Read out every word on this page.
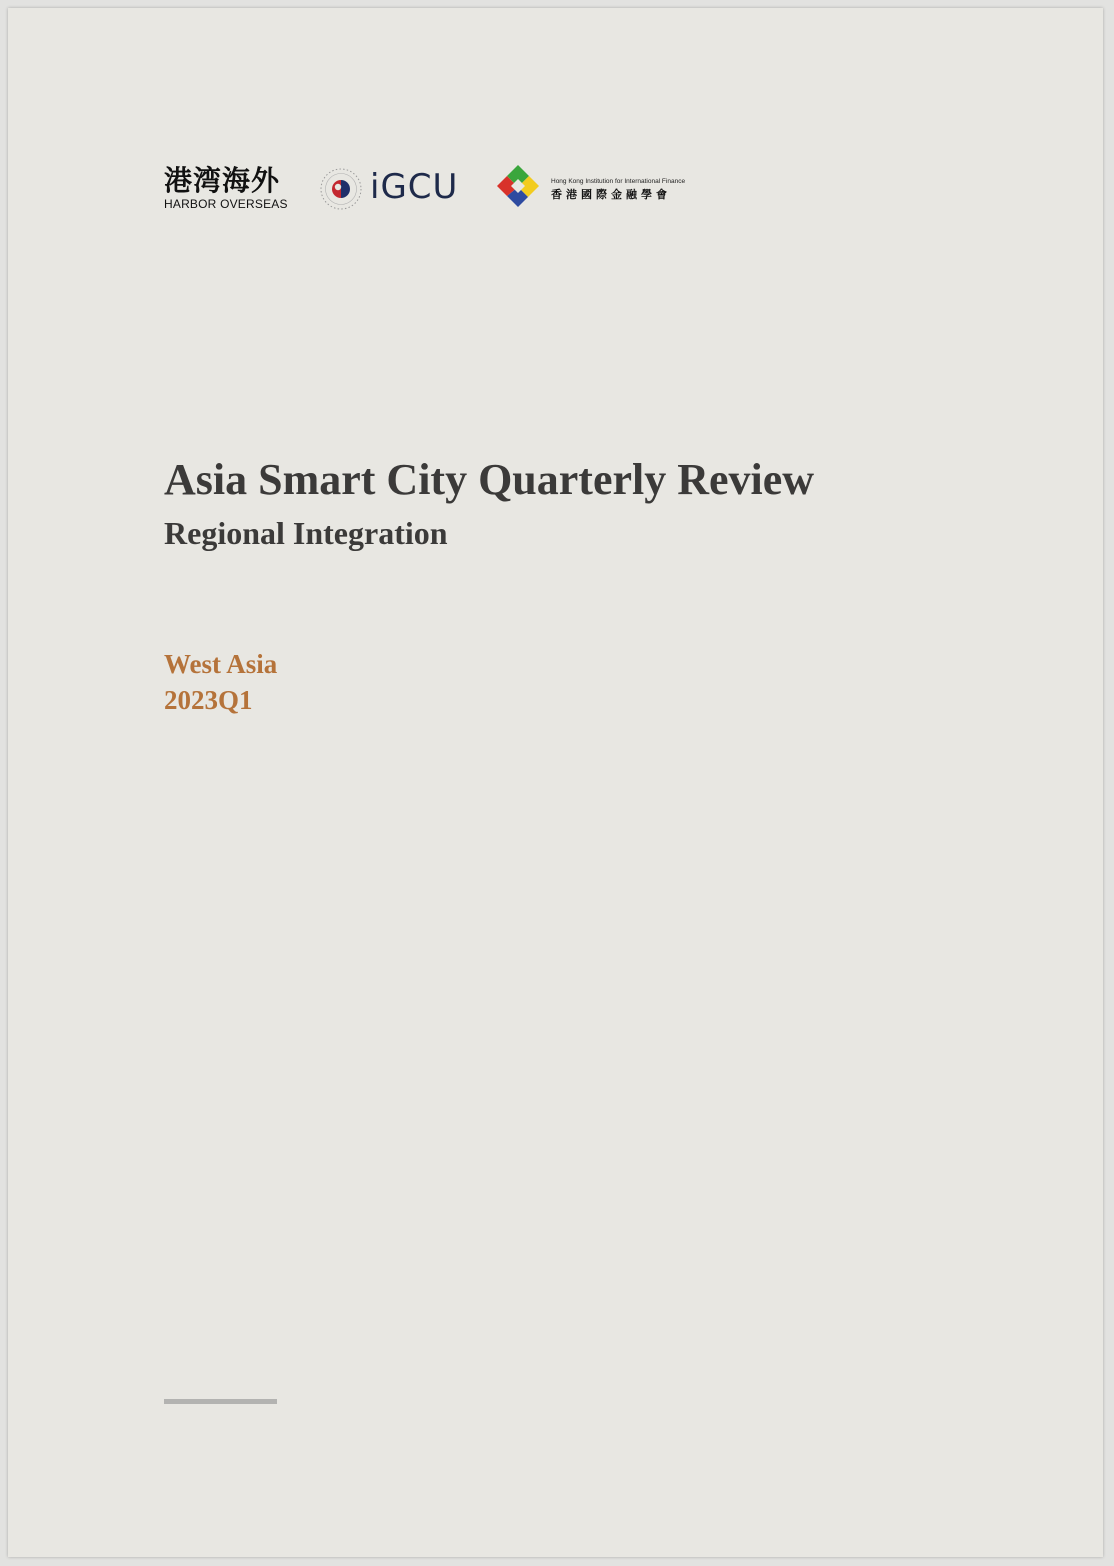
港湾海外
HARBOR OVERSEAS	iGCU	Hong Kong Institution for International Finance
香港國際金融學會
Asia Smart City Quarterly Review
Regional Integration
West Asia
2023Q1
